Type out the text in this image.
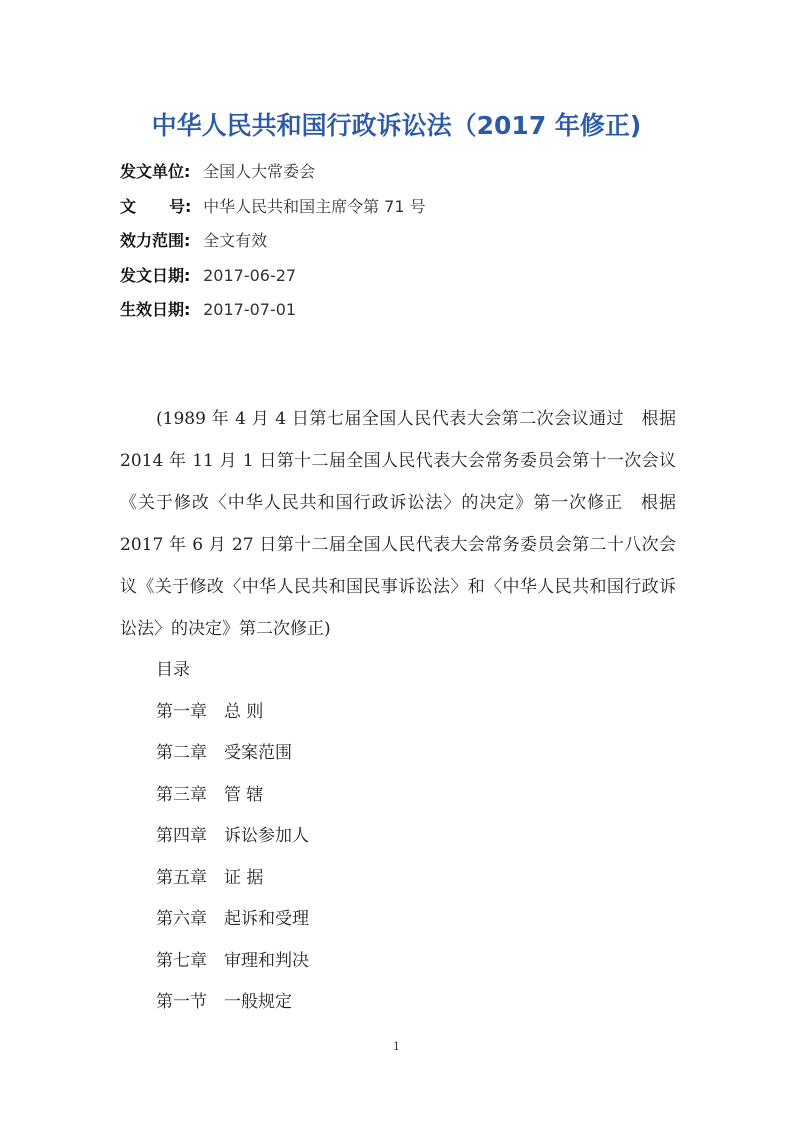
中华人民共和国行政诉讼法（2017 年修正)
发文单位: 全国人大常委会
文 号: 中华人民共和国主席令第 71 号
效力范围: 全文有效
发文日期: 2017-06-27
生效日期: 2017-07-01

(1989 年 4 月 4 日第七届全国人民代表大会第二次会议通过　根据 2014 年 11 月 1 日第十二届全国人民代表大会常务委员会第十一次会议《关于修改〈中华人民共和国行政诉讼法〉的决定》第一次修正　根据 2017 年 6 月 27 日第十二届全国人民代表大会常务委员会第二十八次会议《关于修改〈中华人民共和国民事诉讼法〉和〈中华人民共和国行政诉讼法〉的决定》第二次修正)

目录
第一章　总 则
第二章　受案范围
第三章　管 辖
第四章　诉讼参加人
第五章　证 据
第六章　起诉和受理
第七章　审理和判决
第一节　一般规定
1
